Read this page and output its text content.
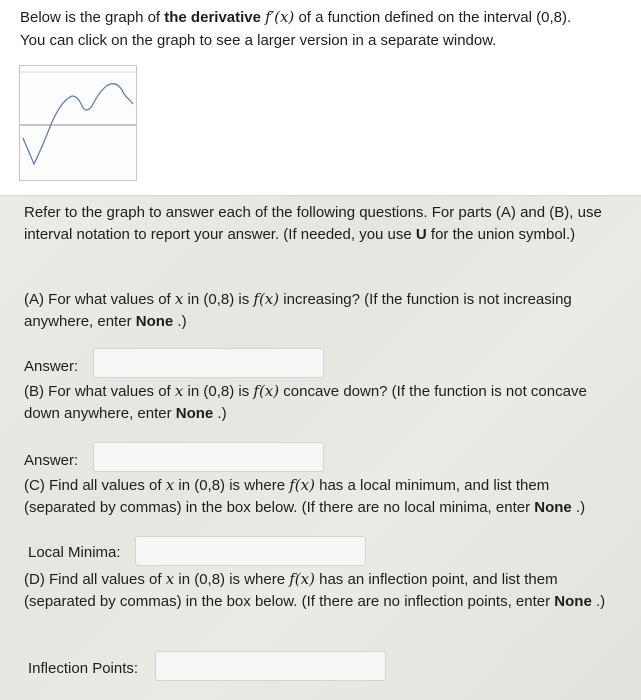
Below is the graph of the derivative f′(x) of a function defined on the interval (0,8).
You can click on the graph to see a larger version in a separate window.
Refer to the graph to answer each of the following questions. For parts (A) and (B), use interval notation to report your answer. (If needed, you use U for the union symbol.)
(A) For what values of x in (0,8) is f(x) increasing? (If the function is not increasing anywhere, enter None .)
Answer:
(B) For what values of x in (0,8) is f(x) concave down? (If the function is not concave down anywhere, enter None .)
Answer:
(C) Find all values of x in (0,8) is where f(x) has a local minimum, and list them (separated by commas) in the box below. (If there are no local minima, enter None .)
Local Minima:
(D) Find all values of x in (0,8) is where f(x) has an inflection point, and list them (separated by commas) in the box below. (If there are no inflection points, enter None .)
Inflection Points:
